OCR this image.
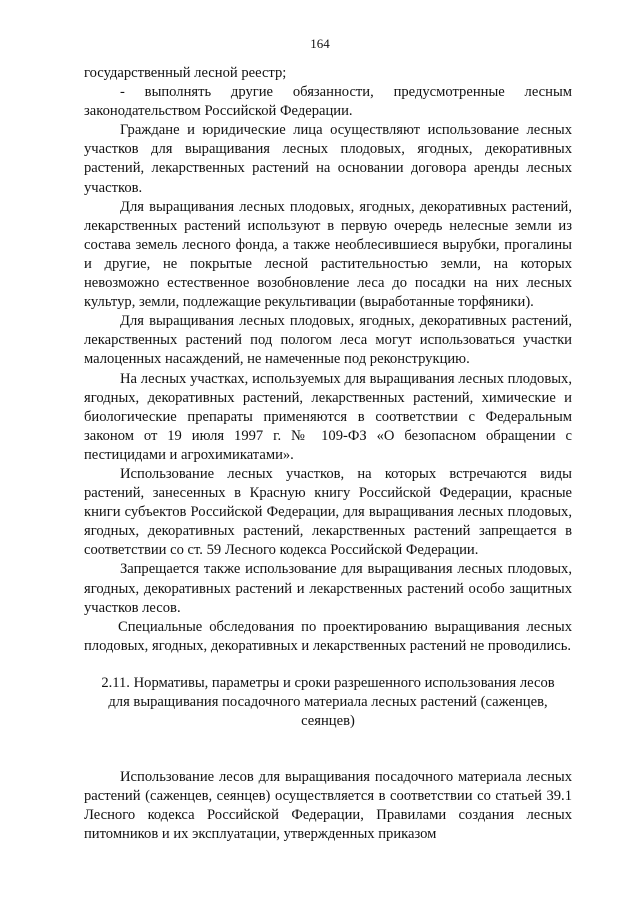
164

государственный лесной реестр;

- выполнять другие обязанности, предусмотренные лесным законодательством Российской Федерации.

Граждане и юридические лица осуществляют использование лесных участков для выращивания лесных плодовых, ягодных, декоративных растений, лекарственных растений на основании договора аренды лесных участков.

Для выращивания лесных плодовых, ягодных, декоративных растений, лекарственных растений используют в первую очередь нелесные земли из состава земель лесного фонда, а также необлесившиеся вырубки, прогалины и другие, не покрытые лесной растительностью земли, на которых невозможно естественное возобновление леса до посадки на них лесных культур, земли, подлежащие рекультивации (выработанные торфяники).

Для выращивания лесных плодовых, ягодных, декоративных растений, лекарственных растений под пологом леса могут использоваться участки малоценных насаждений, не намеченные под реконструкцию.

На лесных участках, используемых для выращивания лесных плодовых, ягодных, декоративных растений, лекарственных растений, химические и биологические препараты применяются в соответствии с Федеральным законом от 19 июля 1997 г. № 109-ФЗ «О безопасном обращении с пестицидами и агрохимикатами».

Использование лесных участков, на которых встречаются виды растений, занесенных в Красную книгу Российской Федерации, красные книги субъектов Российской Федерации, для выращивания лесных плодовых, ягодных, декоративных растений, лекарственных растений запрещается в соответствии со ст. 59 Лесного кодекса Российской Федерации.

Запрещается также использование для выращивания лесных плодовых, ягодных, декоративных растений и лекарственных растений особо защитных участков лесов.

Специальные обследования по проектированию выращивания лесных плодовых, ягодных, декоративных и лекарственных растений не проводились.

2.11. Нормативы, параметры и сроки разрешенного использования лесов
для выращивания посадочного материала лесных растений (саженцев,
сеянцев)

Использование лесов для выращивания посадочного материала лесных растений (саженцев, сеянцев) осуществляется в соответствии со статьей 39.1 Лесного кодекса Российской Федерации, Правилами создания лесных питомников и их эксплуатации, утвержденных приказом
